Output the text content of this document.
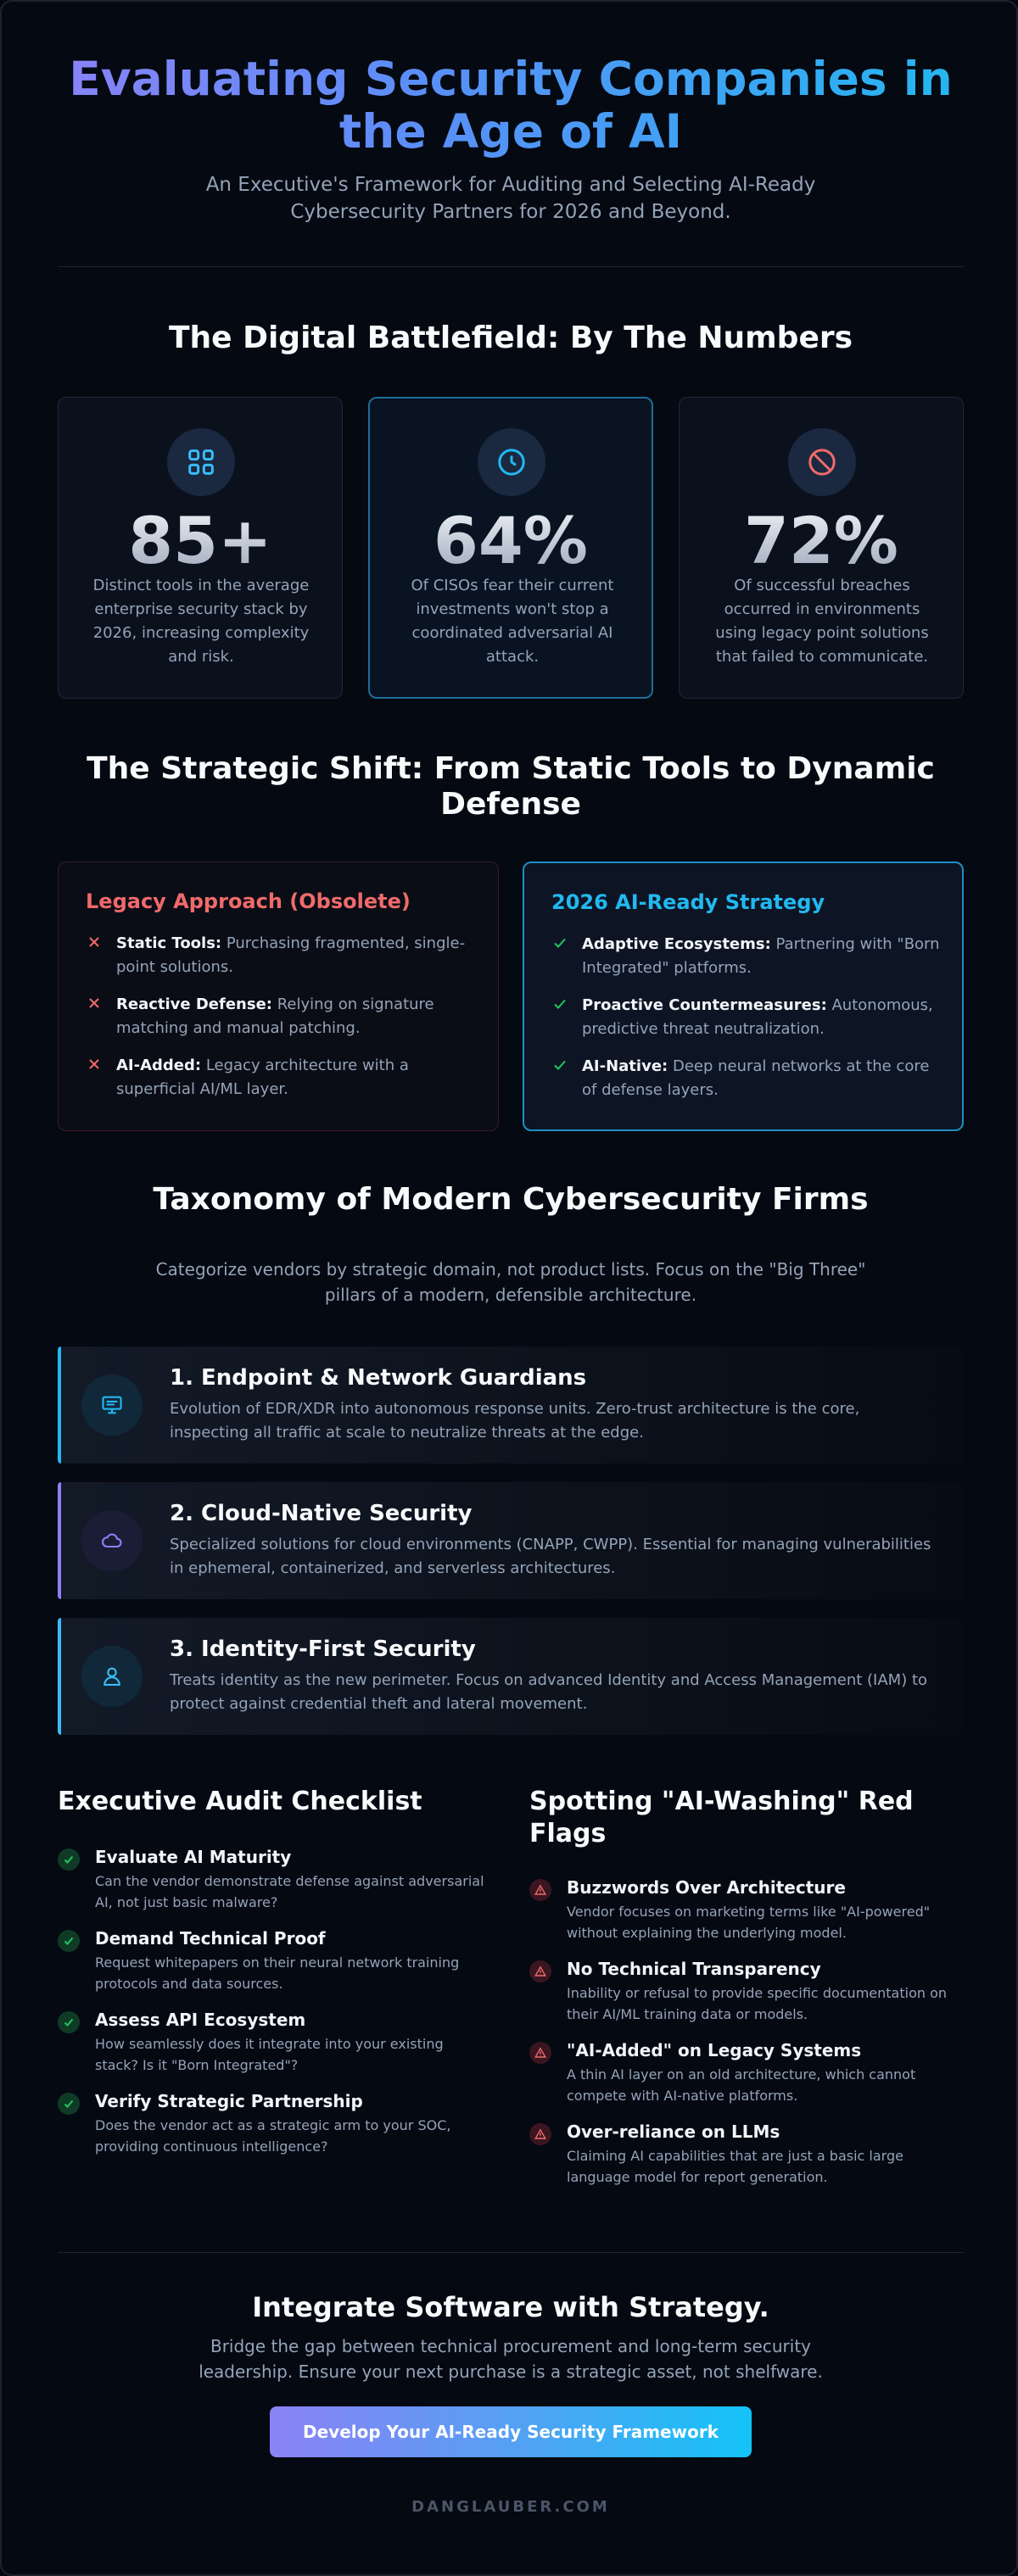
Evaluating Security Companies in the Age of AI

An Executive's Framework for Auditing and Selecting AI-Ready Cybersecurity Partners for 2026 and Beyond.

The Digital Battlefield: By The Numbers
85+
Distinct tools in the average enterprise security stack by 2026, increasing complexity and risk.
64%
Of CISOs fear their current investments won't stop a coordinated adversarial AI attack.
72%
Of successful breaches occurred in environments using legacy point solutions that failed to communicate.
The Strategic Shift: From Static Tools to Dynamic Defense
Legacy Approach (Obsolete)
Static Tools: Purchasing fragmented, single-point solutions.
Reactive Defense: Relying on signature matching and manual patching.
AI-Added: Legacy architecture with a superficial AI/ML layer.
2026 AI-Ready Strategy
Adaptive Ecosystems: Partnering with "Born Integrated" platforms.
Proactive Countermeasures: Autonomous, predictive threat neutralization.
AI-Native: Deep neural networks at the core of defense layers.
Taxonomy of Modern Cybersecurity Firms

Categorize vendors by strategic domain, not product lists. Focus on the "Big Three" pillars of a modern, defensible architecture.

1. Endpoint & Network Guardians
Evolution of EDR/XDR into autonomous response units. Zero-trust architecture is the core, inspecting all traffic at scale to neutralize threats at the edge.
2. Cloud-Native Security
Specialized solutions for cloud environments (CNAPP, CWPP). Essential for managing vulnerabilities in ephemeral, containerized, and serverless architectures.
3. Identity-First Security
Treats identity as the new perimeter. Focus on advanced Identity and Access Management (IAM) to protect against credential theft and lateral movement.
Executive Audit Checklist
Evaluate AI Maturity
Can the vendor demonstrate defense against adversarial AI, not just basic malware?
Demand Technical Proof
Request whitepapers on their neural network training protocols and data sources.
Assess API Ecosystem
How seamlessly does it integrate into your existing stack? Is it "Born Integrated"?
Verify Strategic Partnership
Does the vendor act as a strategic arm to your SOC, providing continuous intelligence?
Spotting "AI-Washing" Red Flags
Buzzwords Over Architecture
Vendor focuses on marketing terms like "AI-powered" without explaining the underlying model.
No Technical Transparency
Inability or refusal to provide specific documentation on their AI/ML training data or models.
"AI-Added" on Legacy Systems
A thin AI layer on an old architecture, which cannot compete with AI-native platforms.
Over-reliance on LLMs
Claiming AI capabilities that are just a basic large language model for report generation.
Integrate Software with Strategy.

Bridge the gap between technical procurement and long-term security leadership. Ensure your next purchase is a strategic asset, not shelfware.

Develop Your AI-Ready Security Framework
DANGLAUBER.COM
